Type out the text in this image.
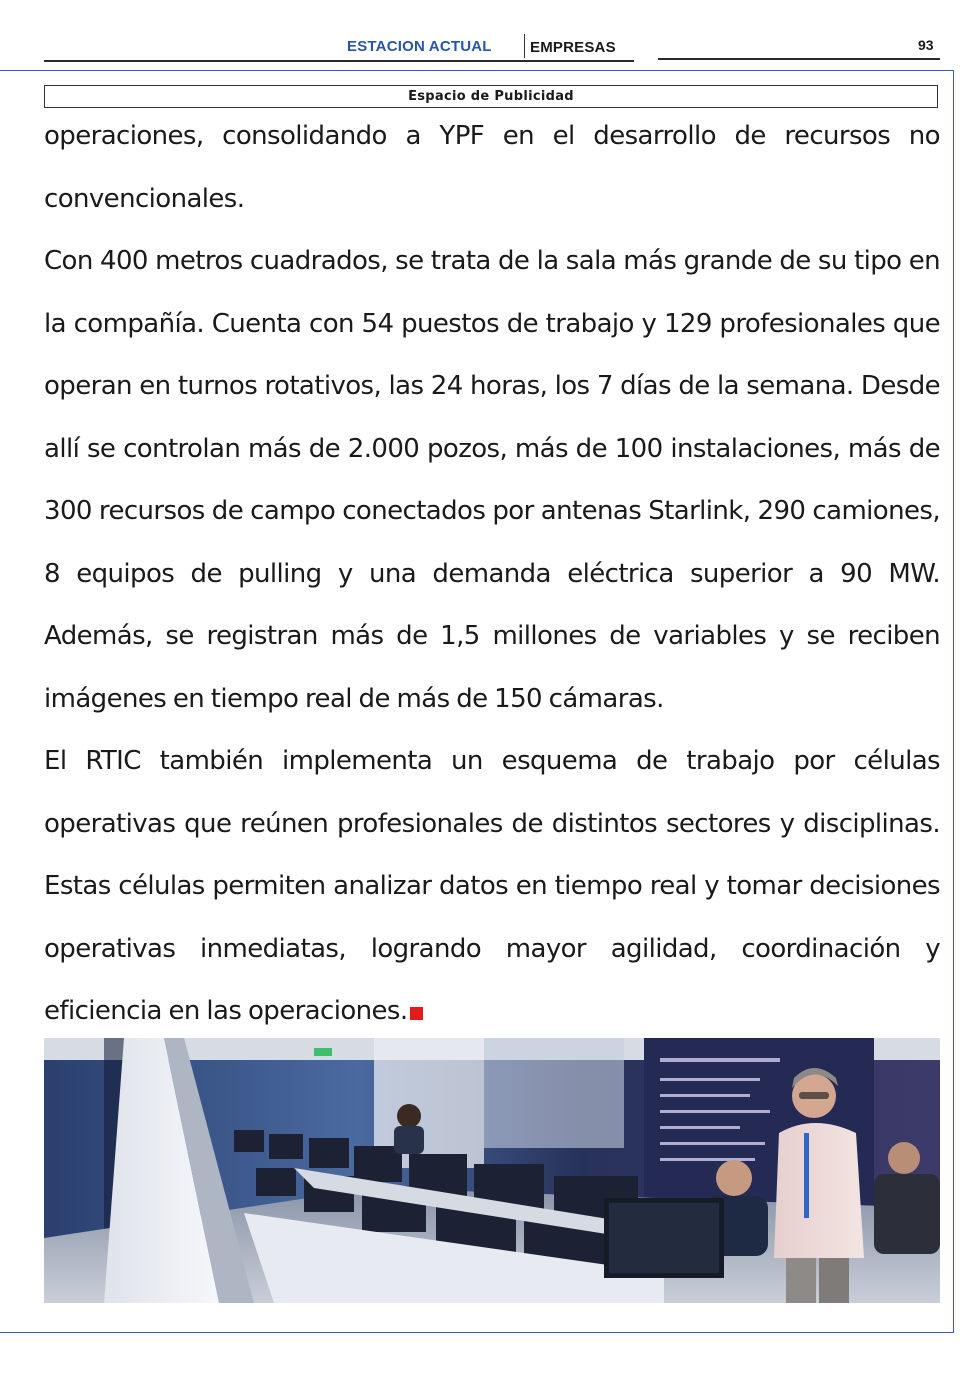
ESTACION ACTUAL	EMPRESAS	93
Espacio de Publicidad

operaciones, consolidando a YPF en el desarrollo de recursos no convencionales.

Con 400 metros cuadrados, se trata de la sala más grande de su tipo en la compañía. Cuenta con 54 puestos de trabajo y 129 profesionales que operan en turnos rotativos, las 24 horas, los 7 días de la semana. Desde allí se controlan más de 2.000 pozos, más de 100 instalaciones, más de 300 recursos de campo conectados por antenas Starlink, 290 camiones, 8 equipos de pulling y una demanda eléctrica superior a 90 MW. Además, se registran más de 1,5 millones de variables y se reciben imágenes en tiempo real de más de 150 cámaras.

El RTIC también implementa un esquema de trabajo por células operativas que reúnen profesionales de distintos sectores y disciplinas. Estas células permiten analizar datos en tiempo real y tomar decisiones operativas inmediatas, logrando mayor agilidad, coordinación y eficiencia en las operaciones.
